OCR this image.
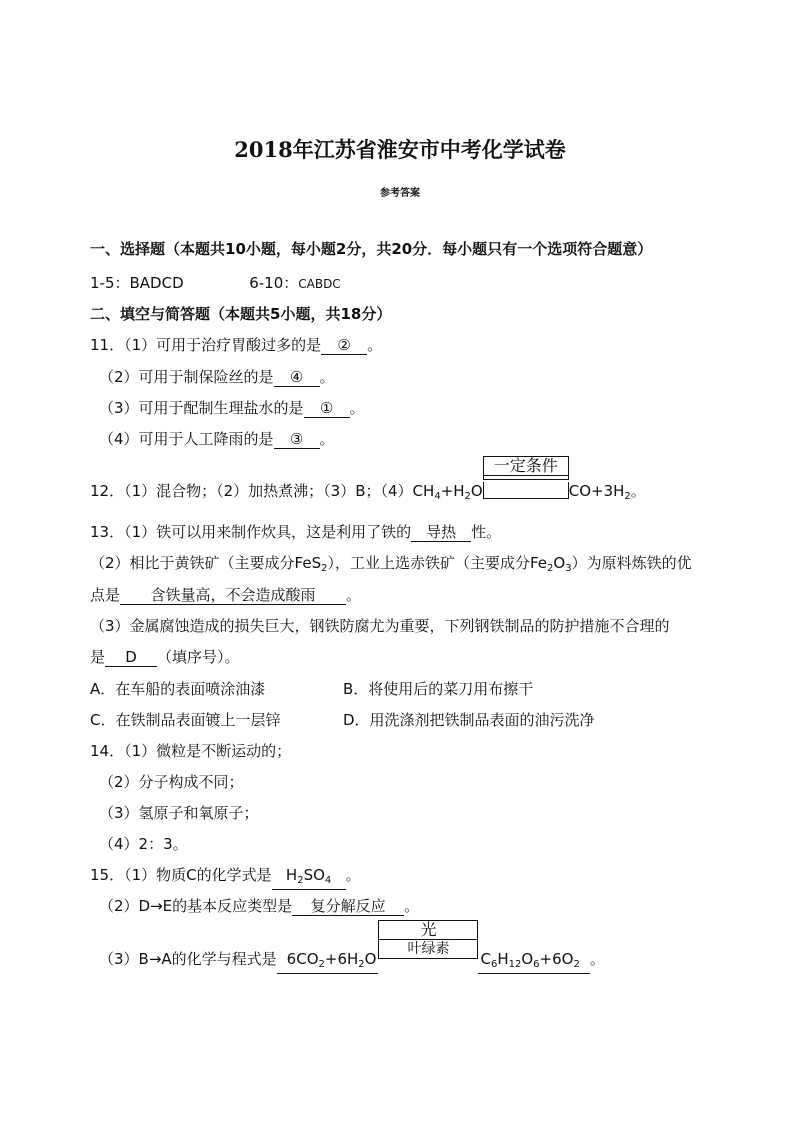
2018年江苏省淮安市中考化学试卷
参考答案
一、选择题（本题共10小题，每小题2分，共20分．每小题只有一个选项符合题意）
1-5：BADCD	6-10：CABDC
二、填空与简答题（本题共5小题，共18分）
11．（1）可用于治疗胃酸过多的是 ② 。
（2）可用于制保险丝的是 ④ 。
（3）可用于配制生理盐水的是 ① 。
（4）可用于人工降雨的是 ③ 。
12．（1）混合物；（2）加热煮沸；（3）B；$(4)CH_4+H_2O$
一定条件
$CO+3H_2$。
13．（1）铁可以用来制作炊具，这是利用了铁的 导热 性。
（2）相比于黄铁矿（主要成分FeS$_2$），工业上选赤铁矿（主要成分$Fe_2O_3$）为原料炼铁的优
点是 含铁量高，不会造成酸雨 。
（3）金属腐蚀造成的损失巨大，钢铁防腐尤为重要，下列钢铁制品的防护措施不合理的
是 D （填序号）。
A．在车船的表面喷涂油漆	B．将使用后的菜刀用布擦干
C．在铁制品表面镀上一层锌	D．用洗涤剂把铁制品表面的油污洗净
14．（1）微粒是不断运动的；
（2）分子构成不同；
（3）氢原子和氧原子；
（4）2：3。
15．（1）物质C的化学式是 $H_2SO_4$ 。
（2）D→E的基本反应类型是 复分解反应 。
（3）B→A的化学与程式是 $6CO_2+6H_2O$
光
叶绿素
$C_6H_{12}O_6+6O_2$ 。
